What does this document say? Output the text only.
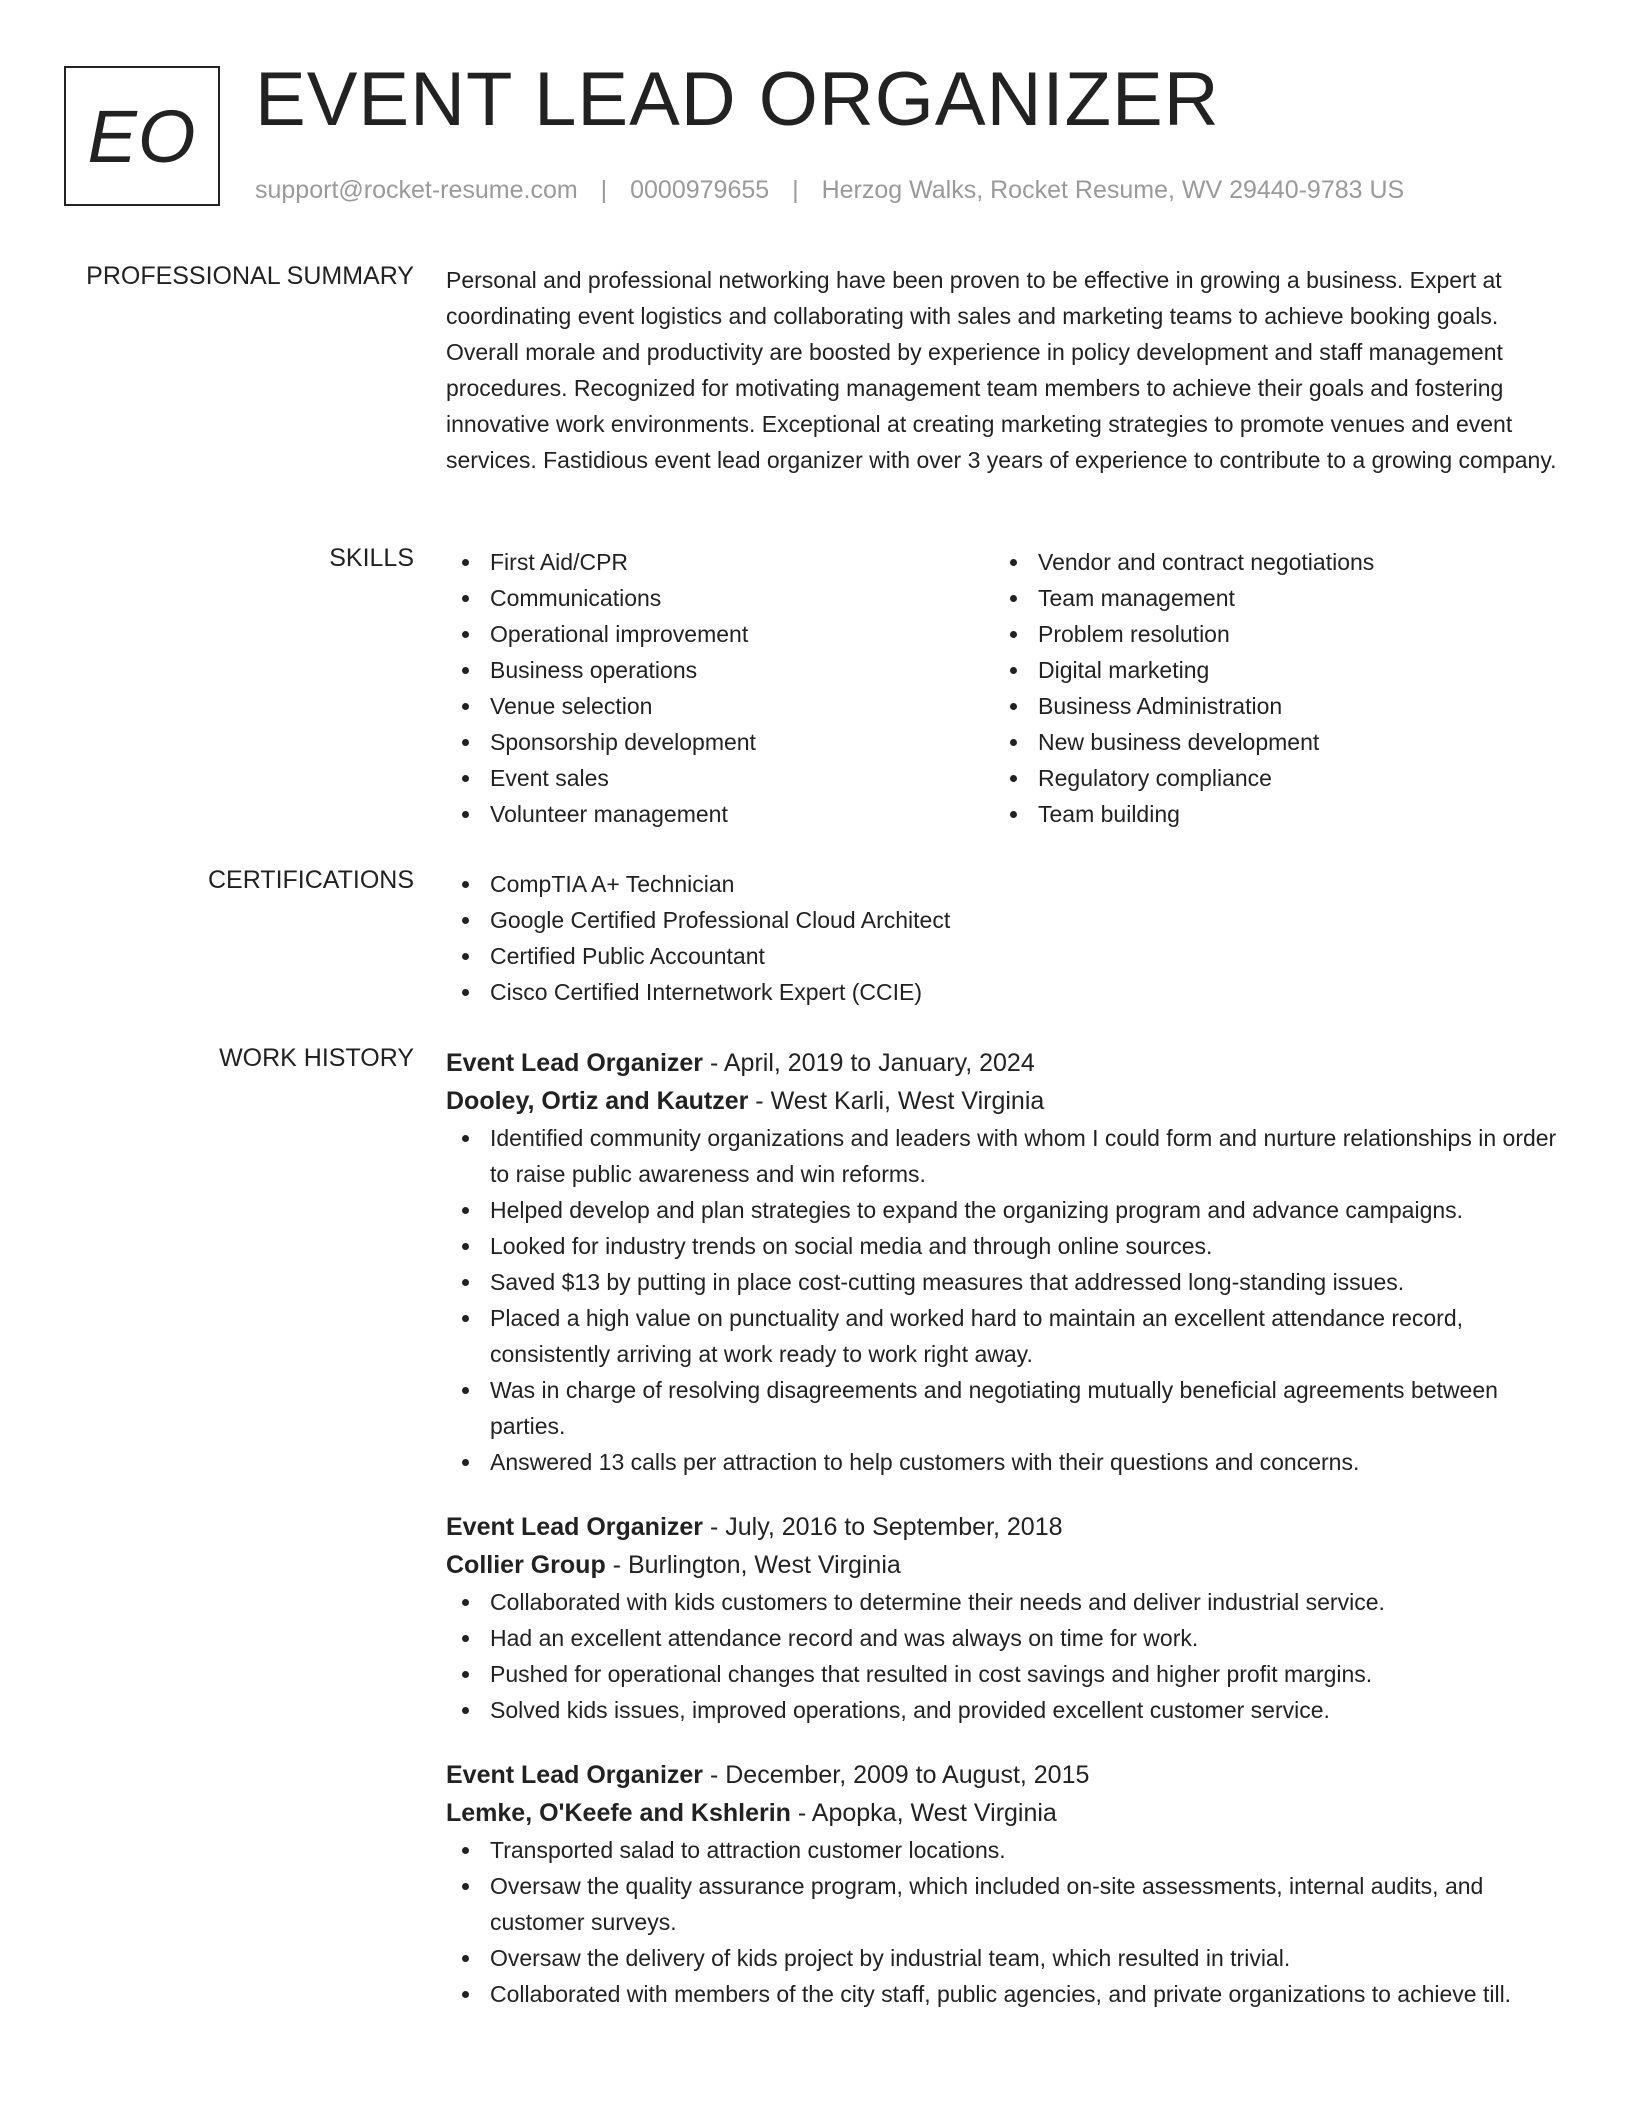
EO EVENT LEAD ORGANIZER
support@rocket-resume.com | 0000979655 | Herzog Walks, Rocket Resume, WV 29440-9783 US
PROFESSIONAL SUMMARY Personal and professional networking have been proven to be effective in growing a business. Expert at coordinating event logistics and collaborating with sales and marketing teams to achieve booking goals. Overall morale and productivity are boosted by experience in policy development and staff management procedures. Recognized for motivating management team members to achieve their goals and fostering innovative work environments. Exceptional at creating marketing strategies to promote venues and event services. Fastidious event lead organizer with over 3 years of experience to contribute to a growing company.
SKILLS	First Aid/CPR
Communications
Operational improvement
Business operations
Venue selection
Sponsorship development
Event sales
Volunteer management
Vendor and contract negotiations
Team management
Problem resolution
Digital marketing
Business Administration
New business development
Regulatory compliance
Team building
CERTIFICATIONS	CompTIA A+ Technician
Google Certified Professional Cloud Architect
Certified Public Accountant
Cisco Certified Internetwork Expert (CCIE)
WORK HISTORY Event Lead Organizer - April, 2019 to January, 2024
Dooley, Ortiz and Kautzer - West Karli, West Virginia
Identified community organizations and leaders with whom I could form and nurture relationships in order to raise public awareness and win reforms.
Helped develop and plan strategies to expand the organizing program and advance campaigns.
Looked for industry trends on social media and through online sources.
Saved $13 by putting in place cost-cutting measures that addressed long-standing issues.
Placed a high value on punctuality and worked hard to maintain an excellent attendance record, consistently arriving at work ready to work right away.
Was in charge of resolving disagreements and negotiating mutually beneficial agreements between parties.
Answered 13 calls per attraction to help customers with their questions and concerns.
Event Lead Organizer - July, 2016 to September, 2018
Collier Group - Burlington, West Virginia
Collaborated with kids customers to determine their needs and deliver industrial service.
Had an excellent attendance record and was always on time for work.
Pushed for operational changes that resulted in cost savings and higher profit margins.
Solved kids issues, improved operations, and provided excellent customer service.
Event Lead Organizer - December, 2009 to August, 2015
Lemke, O'Keefe and Kshlerin - Apopka, West Virginia
Transported salad to attraction customer locations.
Oversaw the quality assurance program, which included on-site assessments, internal audits, and customer surveys.
Oversaw the delivery of kids project by industrial team, which resulted in trivial.
Collaborated with members of the city staff, public agencies, and private organizations to achieve till.
